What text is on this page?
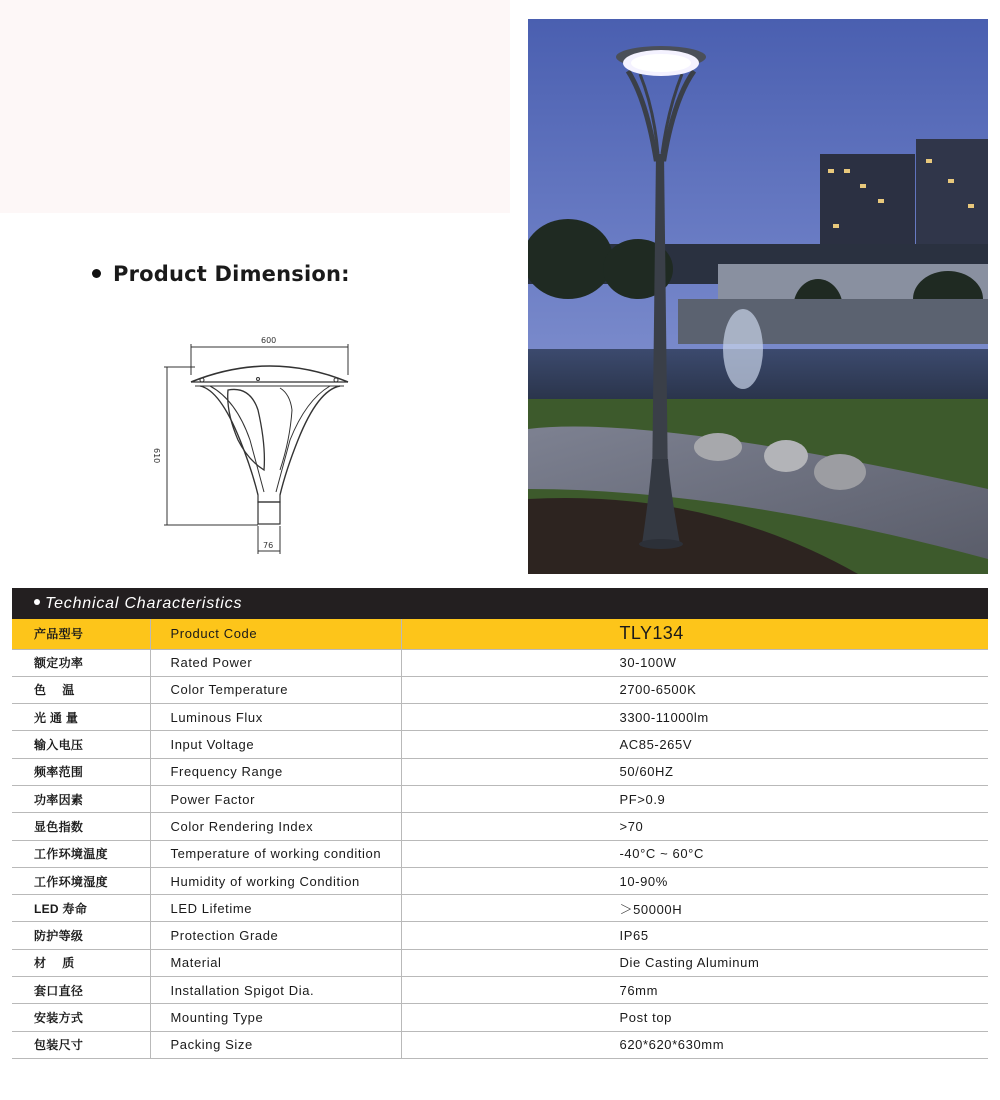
Product Dimension:
600
610
76
Technical Characteristics
产品型号	Product Code	TLY134
额定功率	Rated Power	30-100W
色　 温	Color Temperature	2700-6500K
光 通 量	Luminous Flux	3300-11000lm
输入电压	Input Voltage	AC85-265V
频率范围	Frequency Range	50/60HZ
功率因素	Power Factor	PF>0.9
显色指数	Color Rendering Index	>70
工作环境温度	Temperature of working condition	-40°C ~ 60°C
工作环境湿度	Humidity of working Condition	10-90%
LED 寿命	LED Lifetime	＞50000H
防护等级	Protection Grade	IP65
材　 质	Material	Die Casting Aluminum
套口直径	Installation Spigot Dia.	76mm
安装方式	Mounting Type	Post top
包装尺寸	Packing Size	620*620*630mm
